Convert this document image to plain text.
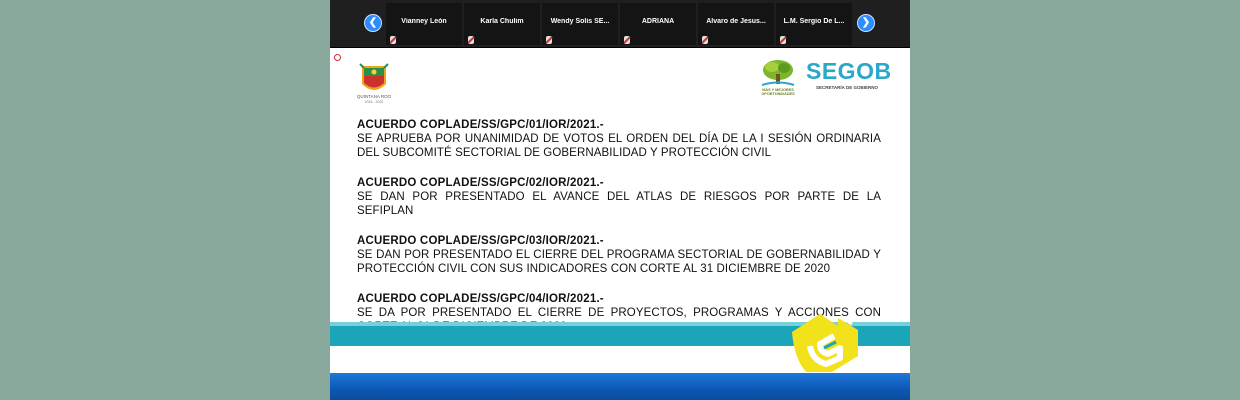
❮	Vianney León	Karla Chulim	Wendy Solis SE...	ADRIANA	Alvaro de Jesus...	L.M. Sergio De L...	❯
QUINTANA ROO
2016 - 2022
MÁS Y MEJORES OPORTUNIDADES
SEGOB
SECRETARÍA DE GOBIERNO
ACUERDO COPLADE/SS/GPC/01/IOR/2021.-
SE APRUEBA POR UNANIMIDAD DE VOTOS EL ORDEN DEL DÍA DE LA I SESIÓN ORDINARIA DEL SUBCOMITÉ SECTORIAL DE GOBERNABILIDAD Y PROTECCIÓN CIVIL
ACUERDO COPLADE/SS/GPC/02/IOR/2021.-
SE DAN POR PRESENTADO EL AVANCE DEL ATLAS DE RIESGOS POR PARTE DE LA SEFIPLAN
ACUERDO COPLADE/SS/GPC/03/IOR/2021.-
SE DAN POR PRESENTADO EL CIERRE DEL PROGRAMA SECTORIAL DE GOBERNABILIDAD Y PROTECCIÓN CIVIL CON SUS INDICADORES CON CORTE AL 31 DICIEMBRE DE 2020
ACUERDO COPLADE/SS/GPC/04/IOR/2021.-
SE DA POR PRESENTADO EL CIERRE DE PROYECTOS, PROGRAMAS Y ACCIONES CON
